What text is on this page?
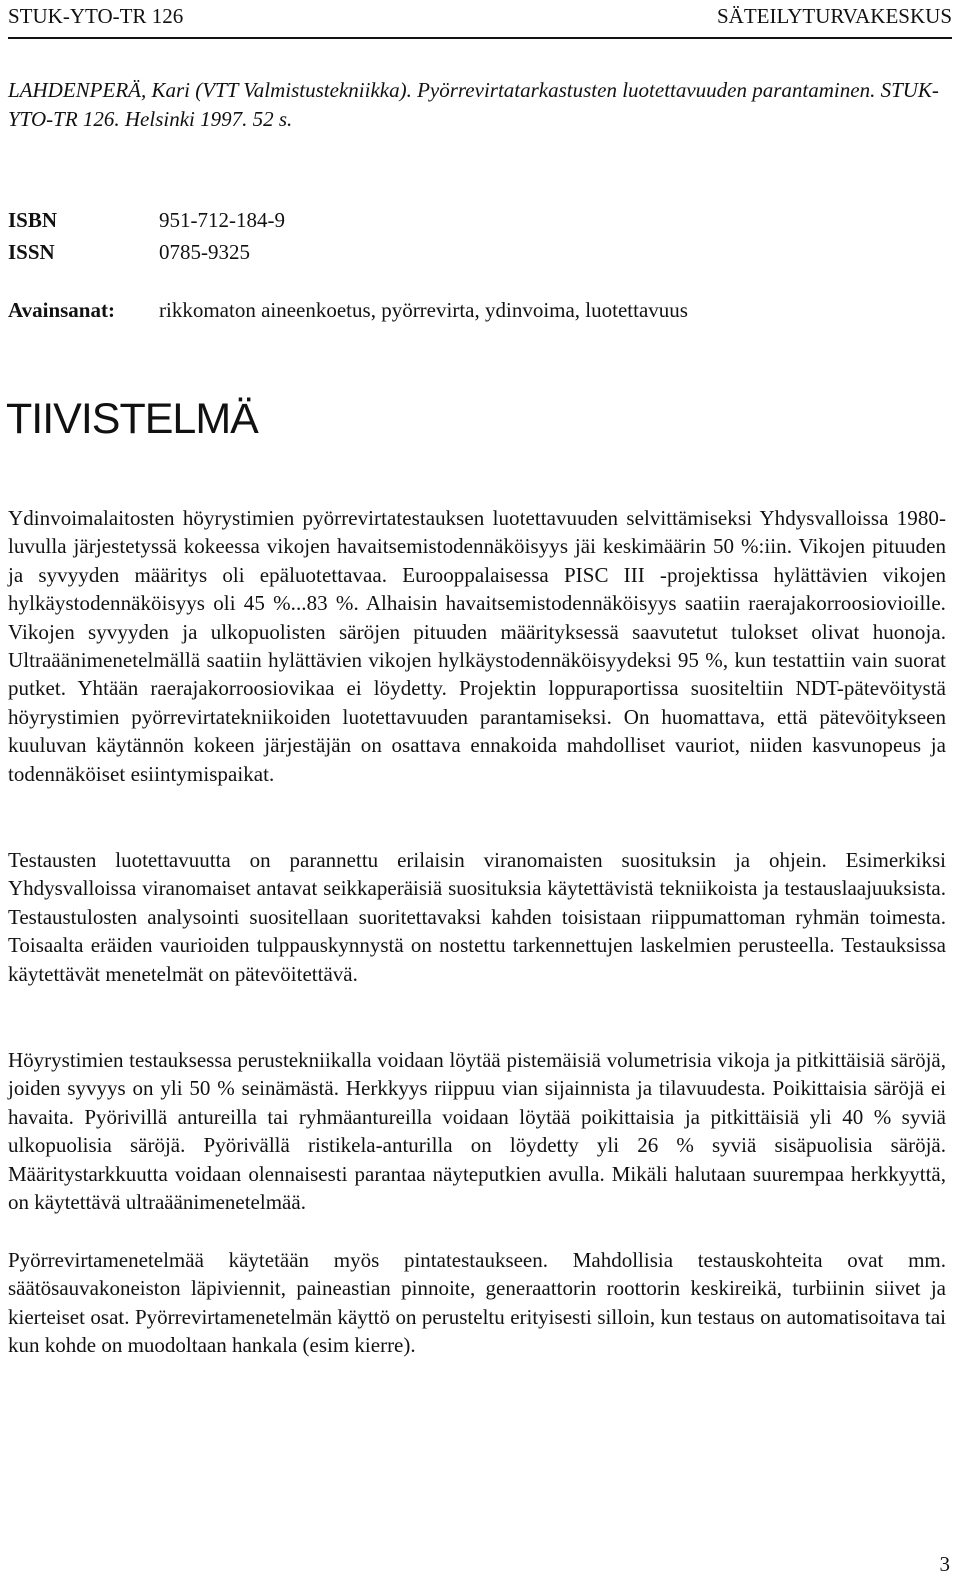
STUK-YTO-TR 126	SÄTEILYTURVAKESKUS
LAHDENPERÄ, Kari (VTT Valmistustekniikka). Pyörrevirtatarkastusten luotettavuuden parantaminen. STUK-YTO-TR 126. Helsinki 1997. 52 s.
ISBN	951-712-184-9
ISSN	0785-9325
Avainsanat: rikkomaton aineenkoetus, pyörrevirta, ydinvoima, luotettavuus
TIIVISTELMÄ

Ydinvoimalaitosten höyrystimien pyörrevirtatestauksen luotettavuuden selvittämiseksi Yhdysvalloissa 1980-luvulla järjestetyssä kokeessa vikojen havaitsemistodennäköisyys jäi keskimäärin 50 %:iin. Vikojen pituuden ja syvyyden määritys oli epäluotettavaa. Eurooppalaisessa PISC III -projektissa hylättävien vikojen hylkäystodennäköisyys oli 45 %...83 %. Alhaisin havaitsemistodennäköisyys saatiin raerajakorroosiovioille. Vikojen syvyyden ja ulkopuolisten säröjen pituuden määrityksessä saavutetut tulokset olivat huonoja. Ultraäänimenetelmällä saatiin hylättävien vikojen hylkäystodennäköisyydeksi 95 %, kun testattiin vain suorat putket. Yhtään raerajakorroosiovikaa ei löydetty. Projektin loppuraportissa suositeltiin NDT-pätevöitystä höyrystimien pyörrevirtatekniikoiden luotettavuuden parantamiseksi. On huomattava, että pätevöitykseen kuuluvan käytännön kokeen järjestäjän on osattava ennakoida mahdolliset vauriot, niiden kasvunopeus ja todennäköiset esiintymispaikat.

Testausten luotettavuutta on parannettu erilaisin viranomaisten suosituksin ja ohjein. Esimerkiksi Yhdysvalloissa viranomaiset antavat seikkaperäisiä suosituksia käytettävistä tekniikoista ja testauslaajuuksista. Testaustulosten analysointi suositellaan suoritettavaksi kahden toisistaan riippumattoman ryhmän toimesta. Toisaalta eräiden vaurioiden tulppauskynnystä on nostettu tarkennettujen laskelmien perusteella. Testauksissa käytettävät menetelmät on pätevöitettävä.

Höyrystimien testauksessa perustekniikalla voidaan löytää pistemäisiä volumetrisia vikoja ja pitkittäisiä säröjä, joiden syvyys on yli 50 % seinämästä. Herkkyys riippuu vian sijainnista ja tilavuudesta. Poikittaisia säröjä ei havaita. Pyörivillä antureilla tai ryhmäantureilla voidaan löytää poikittaisia ja pitkittäisiä yli 40 % syviä ulkopuolisia säröjä. Pyörivällä ristikela-anturilla on löydetty yli 26 % syviä sisäpuolisia säröjä. Määritystarkkuutta voidaan olennaisesti parantaa näyteputkien avulla. Mikäli halutaan suurempaa herkkyyttä, on käytettävä ultraäänimenetelmää.

Pyörrevirtamenetelmää käytetään myös pintatestaukseen. Mahdollisia testauskohteita ovat mm. säätösauvakoneiston läpiviennit, paineastian pinnoite, generaattorin roottorin keskireikä, turbiinin siivet ja kierteiset osat. Pyörrevirtamenetelmän käyttö on perusteltu erityisesti silloin, kun testaus on automatisoitava tai kun kohde on muodoltaan hankala (esim kierre).

3
